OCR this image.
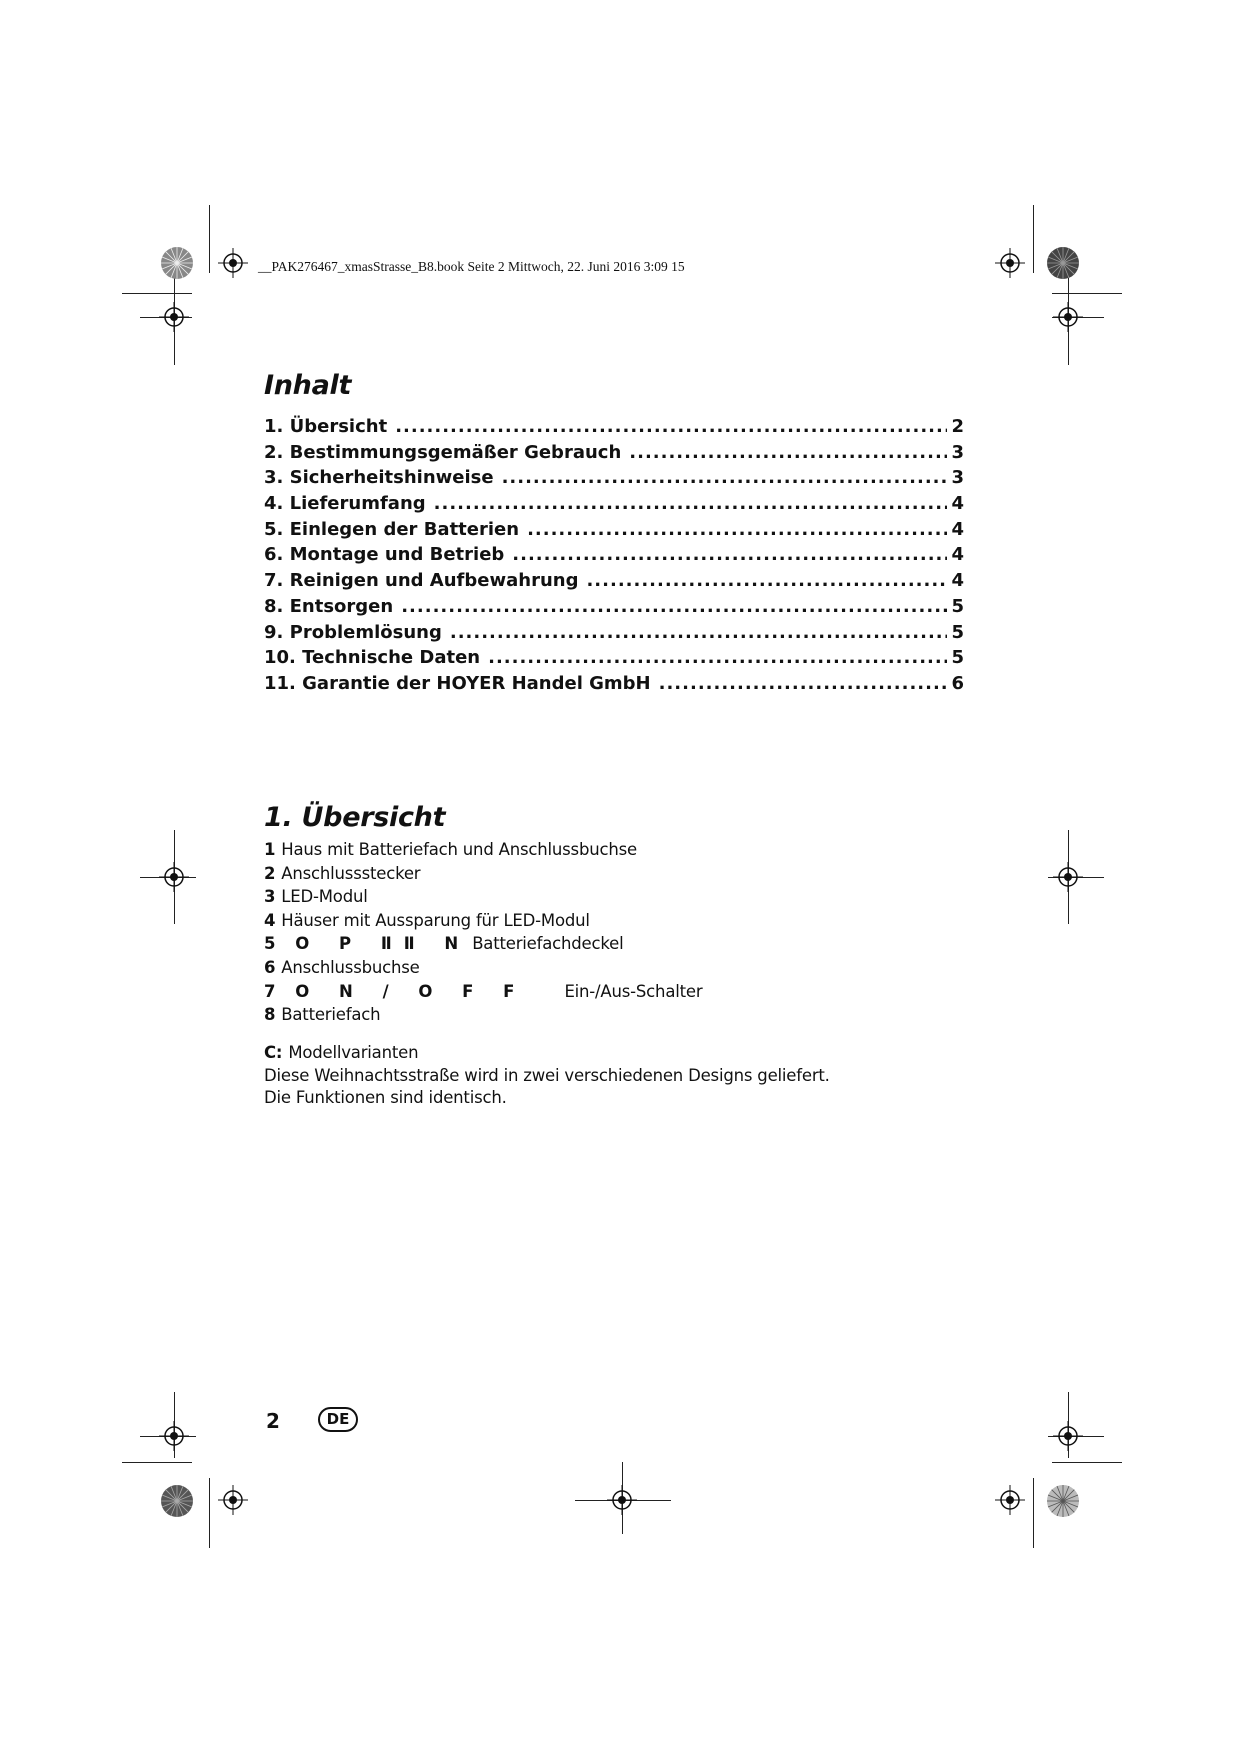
__PAK276467_xmasStrasse_B8.book Seite 2 Mittwoch, 22. Juni 2016 3:09 15
Inhalt
1. Übersicht .....	2
2. Bestimmungsgemäßer Gebrauch .....	3
3. Sicherheitshinweise .....	3
4. Lieferumfang .....	4
5. Einlegen der Batterien .....	4
6. Montage und Betrieb .....	4
7. Reinigen und Aufbewahrung .....	4
8. Entsorgen .....	5
9. Problemlösung .....	5
10. Technische Daten .....	5
11. Garantie der HOYER Handel GmbH .....	6
1. Übersicht
1 Haus mit Batteriefach und Anschlussbuchse
2 Anschlussstecker
3 LED-Modul
4 Häuser mit Aussparung für LED-Modul
5 O P ⅡⅡ N Batteriefachdeckel
6 Anschlussbuchse
7 O N / O F F Ein-/Aus-Schalter
8 Batteriefach
C: Modellvarianten
Diese Weihnachtsstraße wird in zwei verschiedenen Designs geliefert.
Die Funktionen sind identisch.
2	DE
